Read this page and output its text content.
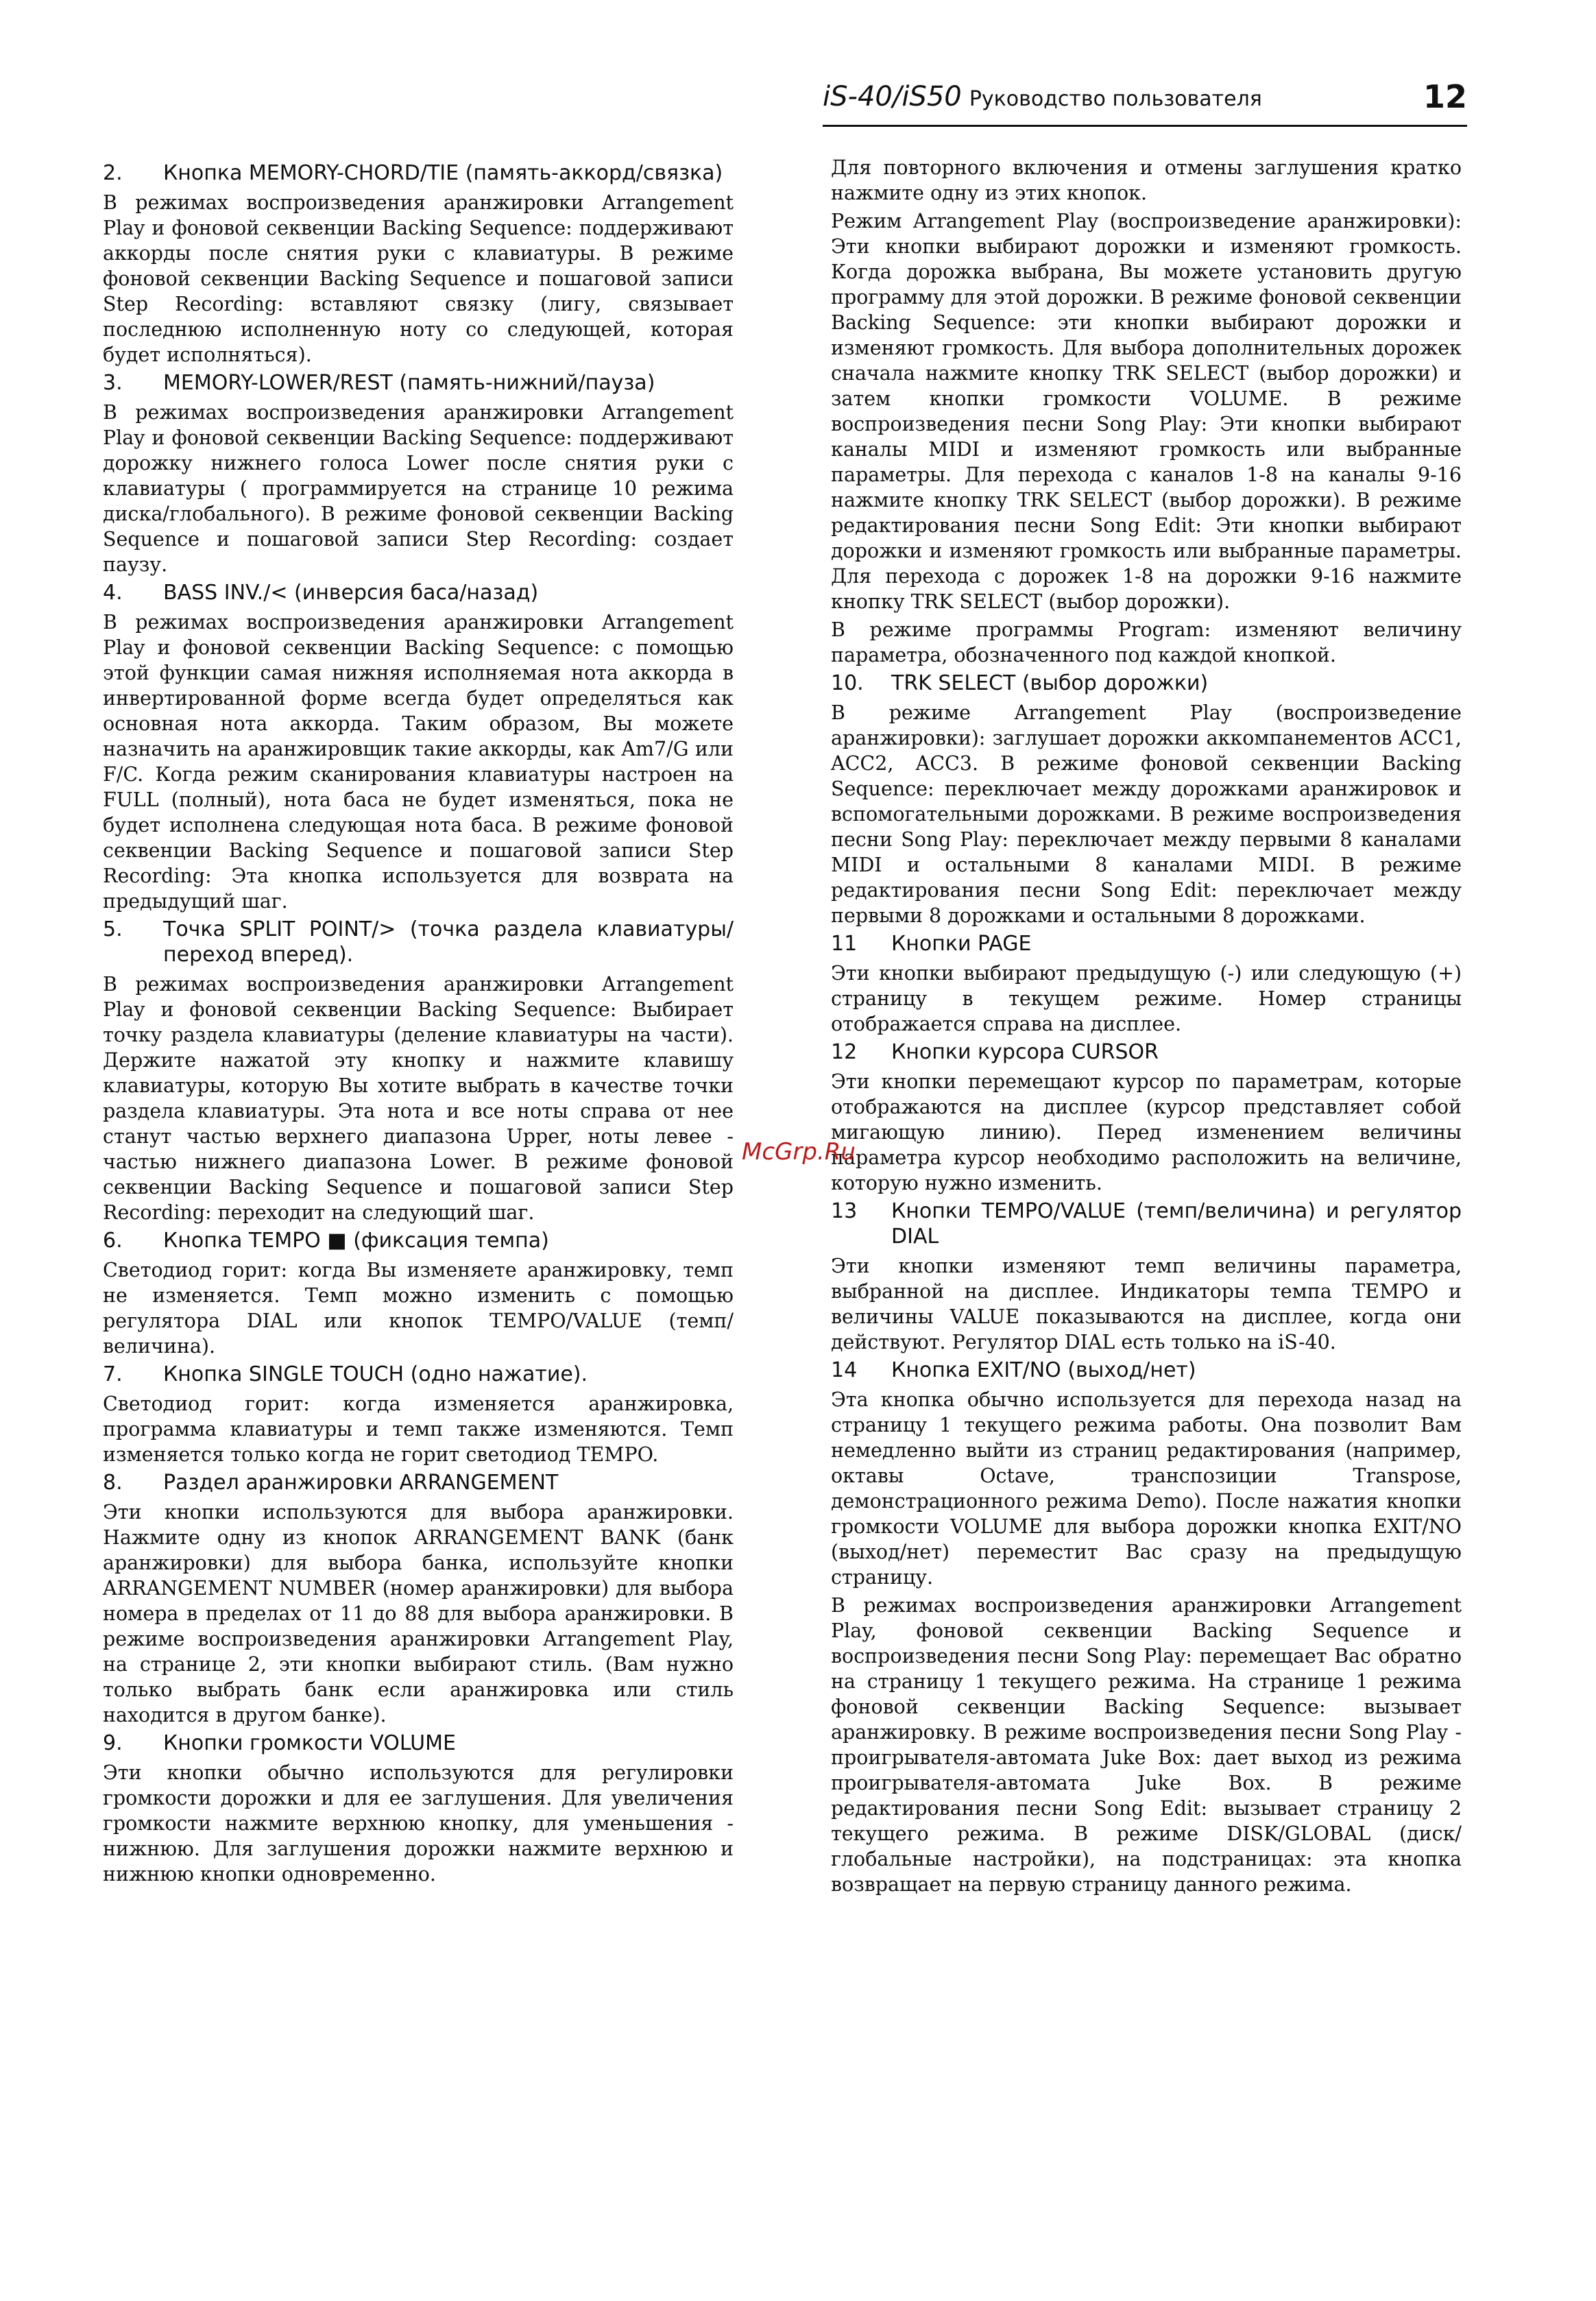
iS-40/iS50 Руководство пользователя	12
2.	Кнопка MEMORY-CHORD/TIE (память-аккорд/связка)
В режимах воспроизведения аранжировки Arrangement Play и фоновой секвенции Backing Sequence: поддерживают аккорды после снятия руки с клавиатуры. В режиме фоновой секвенции Backing Sequence и пошаговой записи Step Recording: вставляют связку (лигу, связывает последнюю исполненную ноту со следующей, которая будет исполняться).
3.	MEMORY-LOWER/REST (память-нижний/пауза)
В режимах воспроизведения аранжировки Arrangement Play и фоновой секвенции Backing Sequence: поддерживают дорожку нижнего голоса Lower после снятия руки с клавиатуры ( программируется на странице 10 режима диска/глобального). В режиме фоновой секвенции Backing Sequence и пошаговой записи Step Recording: создает паузу.
4.	BASS INV./< (инверсия баса/назад)
В режимах воспроизведения аранжировки Arrangement Play и фоновой секвенции Backing Sequence: с помощью этой функции самая нижняя исполняемая нота аккорда в инвертированной форме всегда будет определяться как основная нота аккорда. Таким образом, Вы можете назначить на аранжировщик такие аккорды, как Am7/G или F/C. Когда режим сканирования клавиатуры настроен на FULL (полный), нота баса не будет изменяться, пока не будет исполнена следующая нота баса. В режиме фоновой секвенции Backing Sequence и пошаговой записи Step Recording: Эта кнопка используется для возврата на предыдущий шаг.
5.	Точка SPLIT POINT/> (точка раздела клавиатуры/переход вперед).
В режимах воспроизведения аранжировки Arrangement Play и фоновой секвенции Backing Sequence: Выбирает точку раздела клавиатуры (деление клавиатуры на части). Держите нажатой эту кнопку и нажмите клавишу клавиатуры, которую Вы хотите выбрать в качестве точки раздела клавиатуры. Эта нота и все ноты справа от нее станут частью верхнего диапазона Upper, ноты левее - частью нижнего диапазона Lower. В режиме фоновой секвенции Backing Sequence и пошаговой записи Step Recording: переходит на следующий шаг.
6.	Кнопка TEMPO ■ (фиксация темпа)
Светодиод горит: когда Вы изменяете аранжировку, темп не изменяется. Темп можно изменить с помощью регулятора DIAL или кнопок TEMPO/VALUE (темп/величина).
7.	Кнопка SINGLE TOUCH (одно нажатие).
Светодиод горит: когда изменяется аранжировка, программа клавиатуры и темп также изменяются. Темп изменяется только когда не горит светодиод TEMPO.
8.	Раздел аранжировки ARRANGEMENT
Эти кнопки используются для выбора аранжировки. Нажмите одну из кнопок ARRANGEMENT BANK (банк аранжировки) для выбора банка, используйте кнопки ARRANGEMENT NUMBER (номер аранжировки) для выбора номера в пределах от 11 до 88 для выбора аранжировки. В режиме воспроизведения аранжировки Arrangement Play, на странице 2, эти кнопки выбирают стиль. (Вам нужно только выбрать банк если аранжировка или стиль находится в другом банке).
9.	Кнопки громкости VOLUME
Эти кнопки обычно используются для регулировки громкости дорожки и для ее заглушения. Для увеличения громкости нажмите верхнюю кнопку, для уменьшения - нижнюю. Для заглушения дорожки нажмите верхнюю и нижнюю кнопки одновременно.
Для повторного включения и отмены заглушения кратко нажмите одну из этих кнопок.
Режим Arrangement Play (воспроизведение аранжировки): Эти кнопки выбирают дорожки и изменяют громкость. Когда дорожка выбрана, Вы можете установить другую программу для этой дорожки. В режиме фоновой секвенции Backing Sequence: эти кнопки выбирают дорожки и изменяют громкость. Для выбора дополнительных дорожек сначала нажмите кнопку TRK SELECT (выбор дорожки) и затем кнопки громкости VOLUME. В режиме воспроизведения песни Song Play: Эти кнопки выбирают каналы MIDI и изменяют громкость или выбранные параметры. Для перехода с каналов 1-8 на каналы 9-16 нажмите кнопку TRK SELECT (выбор дорожки). В режиме редактирования песни Song Edit: Эти кнопки выбирают дорожки и изменяют громкость или выбранные параметры. Для перехода с дорожек 1-8 на дорожки 9-16 нажмите кнопку TRK SELECT (выбор дорожки).
В режиме программы Program: изменяют величину параметра, обозначенного под каждой кнопкой.
10.	TRK SELECT (выбор дорожки)
В режиме Arrangement Play (воспроизведение аранжировки): заглушает дорожки аккомпанементов ACC1, ACC2, ACC3. В режиме фоновой секвенции Backing Sequence: переключает между дорожками аранжировок и вспомогательными дорожками. В режиме воспроизведения песни Song Play: переключает между первыми 8 каналами MIDI и остальными 8 каналами MIDI. В режиме редактирования песни Song Edit: переключает между первыми 8 дорожками и остальными 8 дорожками.
11	Кнопки PAGE
Эти кнопки выбирают предыдущую (-) или следующую (+) страницу в текущем режиме. Номер страницы отображается справа на дисплее.
12	Кнопки курсора CURSOR
Эти кнопки перемещают курсор по параметрам, которые отображаются на дисплее (курсор представляет собой мигающую линию). Перед изменением величины параметра курсор необходимо расположить на величине, которую нужно изменить.
13	Кнопки TEMPO/VALUE (темп/величина) и регулятор DIAL
Эти кнопки изменяют темп величины параметра, выбранной на дисплее. Индикаторы темпа TEMPO и величины VALUE показываются на дисплее, когда они действуют. Регулятор DIAL есть только на iS-40.
14	Кнопка EXIT/NO (выход/нет)
Эта кнопка обычно используется для перехода назад на страницу 1 текущего режима работы. Она позволит Вам немедленно выйти из страниц редактирования (например, октавы Octave, транспозиции Transpose, демонстрационного режима Demo). После нажатия кнопки громкости VOLUME для выбора дорожки кнопка EXIT/NO (выход/нет) переместит Вас сразу на предыдущую страницу.
В режимах воспроизведения аранжировки Arrangement Play, фоновой секвенции Backing Sequence и воспроизведения песни Song Play: перемещает Вас обратно на страницу 1 текущего режима. На странице 1 режима фоновой секвенции Backing Sequence: вызывает аранжировку. В режиме воспроизведения песни Song Play - проигрывателя-автомата Juke Box: дает выход из режима проигрывателя-автомата Juke Box. В режиме редактирования песни Song Edit: вызывает страницу 2 текущего режима. В режиме DISK/GLOBAL (диск/глобальные настройки), на подстраницах: эта кнопка возвращает на первую страницу данного режима.
McGrp.Ru
